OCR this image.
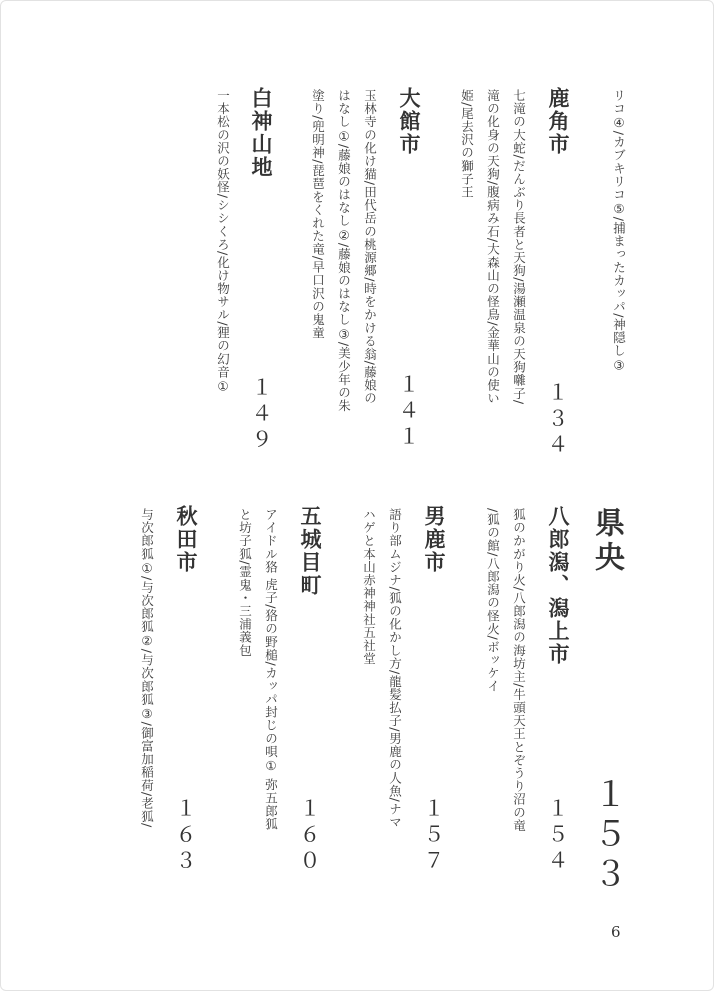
リコ④/カブキリコ⑤/捕まったカッパ/神隠し③
鹿角市
１３４
七滝の大蛇/だんぶり長者と天狗/湯瀬温泉の天狗囃子/
滝の化身の天狗/腹病み石/大森山の怪鳥/金華山の使い
姫/尾去沢の獅子王
大館市
１４１
玉林寺の化け猫/田代岳の桃源郷/時をかける翁/藤娘の
はなし①/藤娘のはなし②/藤娘のはなし③/美少年の朱
塗り/兜明神/琵琶をくれた竜/早口沢の鬼童
白神山地
１４９
一本松の沢の妖怪/シシくろ/化け物サル/狸の幻音①
県央
１５３
八郎潟、潟上市
１５４
狐のかがり火/八郎潟の海坊主/牛頭天王とぞうり沼の竜
/狐の館/八郎潟の怪火/ボッケイ
男鹿市
１５７
語り部ムジナ/狐の化かし方/龍髪払子/男鹿の人魚/ナマ
ハゲと本山赤神神社五社堂
五城目町
１６０
アイドル狢 虎子/狢の野槌/カッパ封じの唄① 弥五郎狐
と坊子狐/霊鬼・三浦義包
秋田市
１６３
与次郎狐①/与次郎狐②/与次郎狐③/御富加稲荷/老狐/
6
